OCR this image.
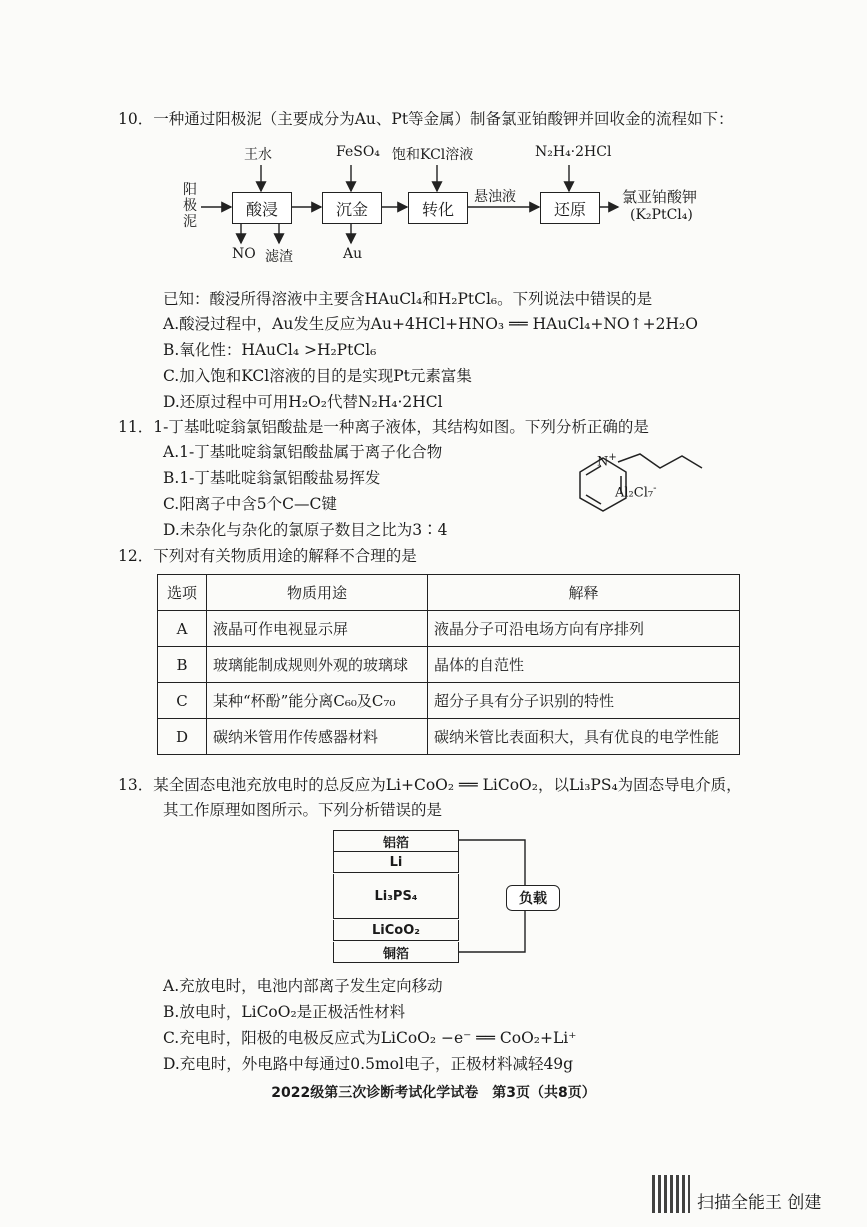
10．一种通过阳极泥（主要成分为Au、Pt等金属）制备氯亚铂酸钾并回收金的流程如下：
阳
极
泥
酸浸	沉金	转化	还原
王水	FeSO₄ 饱和KCl溶液	N₂H₄·2HCl
NO 滤渣	Au
悬浊液	氯亚铂酸钾
(K₂PtCl₄)
已知：酸浸所得溶液中主要含HAuCl₄和H₂PtCl₆。下列说法中错误的是
A.酸浸过程中，Au发生反应为Au+4HCl+HNO₃ ══ HAuCl₄+NO↑+2H₂O
B.氧化性：HAuCl₄ >H₂PtCl₆
C.加入饱和KCl溶液的目的是实现Pt元素富集
D.还原过程中可用H₂O₂代替N₂H₄·2HCl
11．1-丁基吡啶翁氯铝酸盐是一种离子液体，其结构如图。下列分析正确的是
A.1-丁基吡啶翁氯铝酸盐属于离子化合物
B.1-丁基吡啶翁氯铝酸盐易挥发
C.阳离子中含5个C—C键
D.未杂化与杂化的氯原子数目之比为3∶4
N+
Al₂Cl₇-
12．下列对有关物质用途的解释不合理的是
选项	物质用途	解释
A	液晶可作电视显示屏	液晶分子可沿电场方向有序排列
B	玻璃能制成规则外观的玻璃球	晶体的自范性
C	某种“杯酚”能分离C₆₀及C₇₀	超分子具有分子识别的特性
D	碳纳米管用作传感器材料	碳纳米管比表面积大，具有优良的电学性能
13．某全固态电池充放电时的总反应为Li+CoO₂ ══ LiCoO₂，以Li₃PS₄为固态导电介质，
其工作原理如图所示。下列分析错误的是
铝箔
Li
Li₃PS₄
LiCoO₂
铜箔
负载
A.充放电时，电池内部离子发生定向移动
B.放电时，LiCoO₂是正极活性材料
C.充电时，阳极的电极反应式为LiCoO₂ −e⁻ ══ CoO₂+Li⁺
D.充电时，外电路中每通过0.5mol电子，正极材料减轻49g
2022级第三次诊断考试化学试卷　第3页（共8页）
扫描全能王 创建
